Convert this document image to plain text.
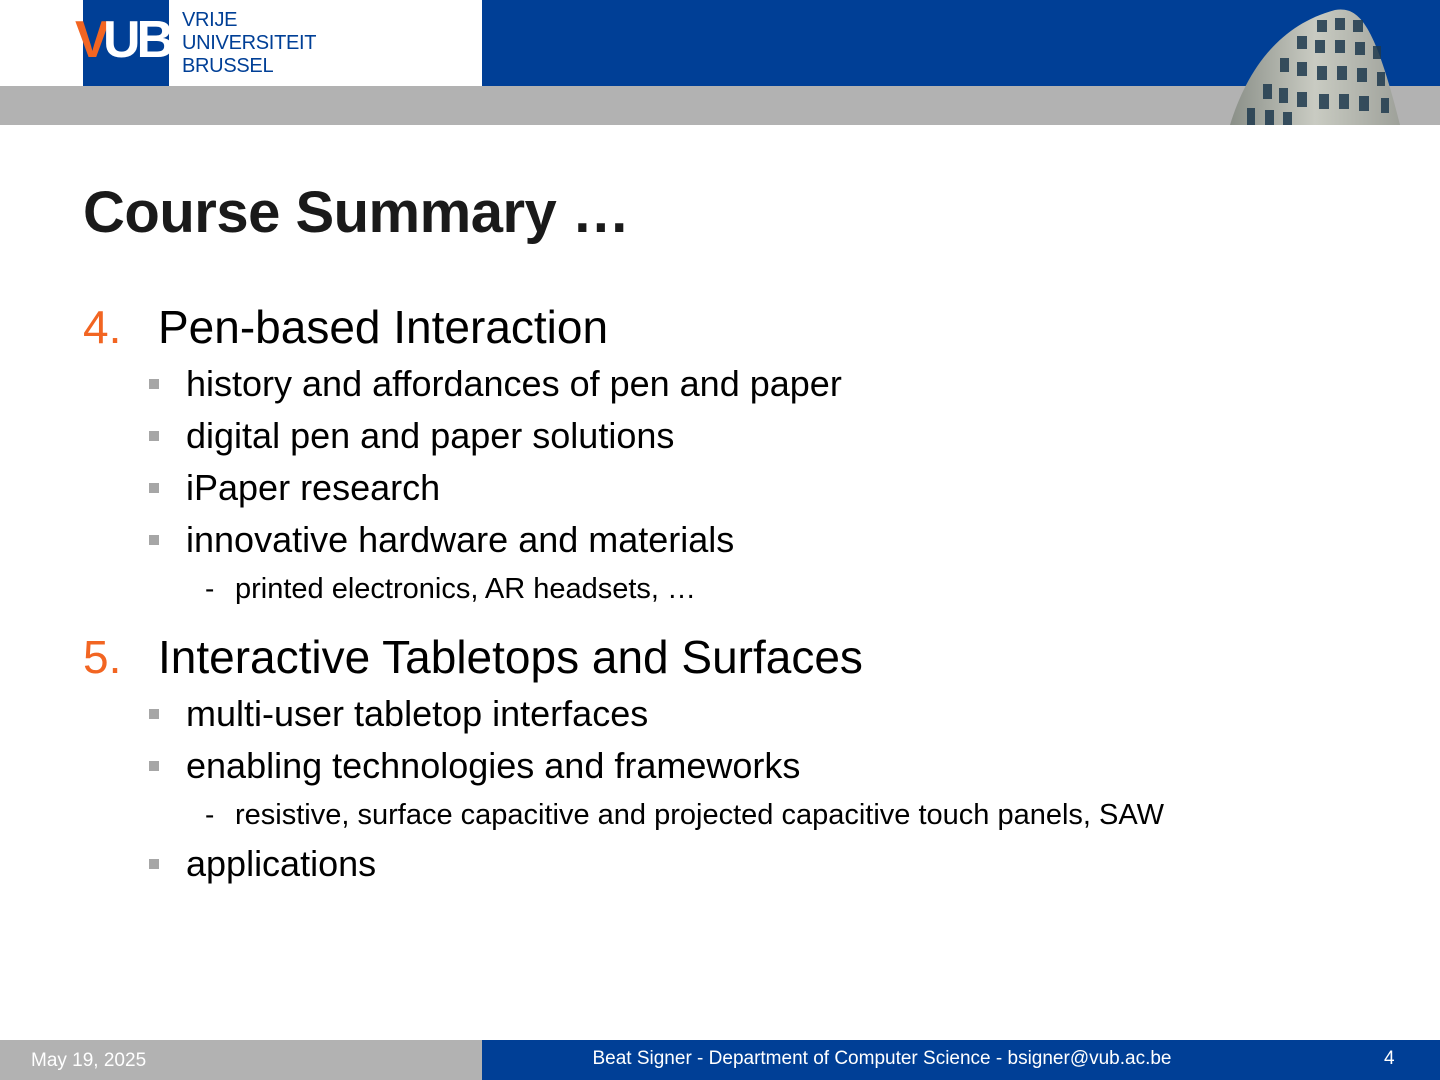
V
UB VRIJE
UNIVERSITEIT
BRUSSEL
Course Summary …
4. Pen-based Interaction
history and affordances of pen and paper
digital pen and paper solutions
iPaper research
innovative hardware and materials
- printed electronics, AR headsets, …
5. Interactive Tabletops and Surfaces
multi-user tabletop interfaces
enabling technologies and frameworks
- resistive, surface capacitive and projected capacitive touch panels, SAW
applications
May 19, 2025	Beat Signer - Department of Computer Science - bsigner@vub.ac.be	4
